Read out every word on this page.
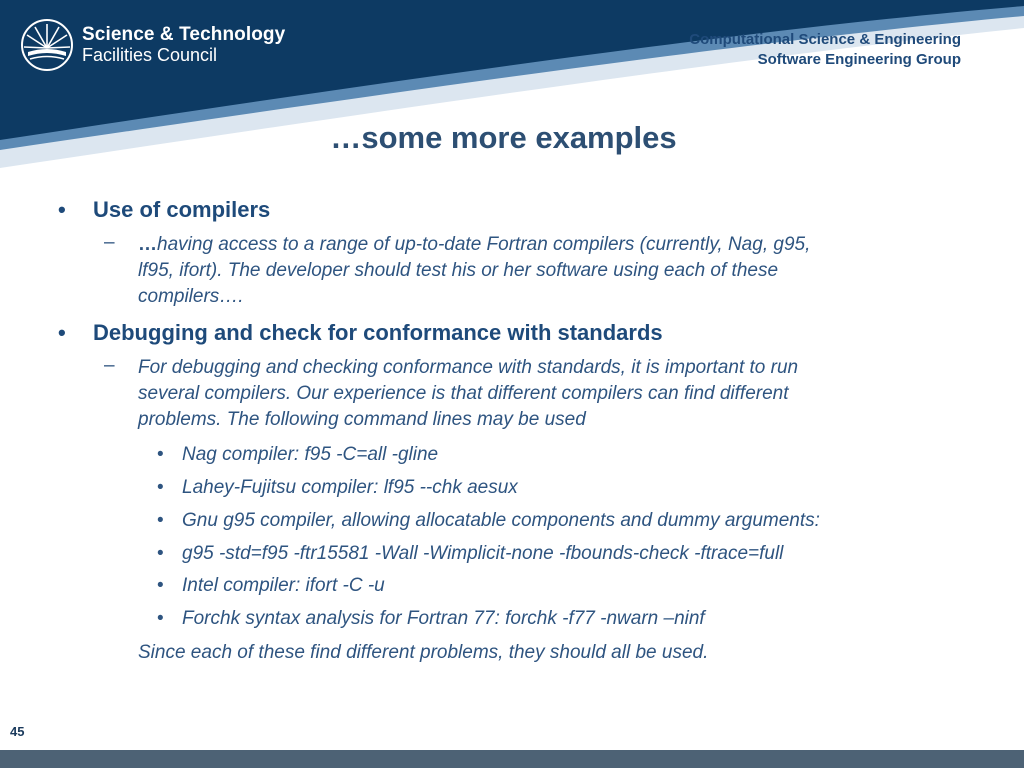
Science & Technology
Facilities Council
Computational Science & Engineering
Software Engineering Group
…some more examples
• Use of compilers
– …having access to a range of up-to-date Fortran compilers (currently, Nag, g95,
lf95, ifort). The developer should test his or her software using each of these
compilers….
• Debugging and check for conformance with standards
– For debugging and checking conformance with standards, it is important to run
several compilers. Our experience is that different compilers can find different
problems. The following command lines may be used
• Nag compiler: f95 -C=all -gline
• Lahey-Fujitsu compiler: lf95 --chk aesux
• Gnu g95 compiler, allowing allocatable components and dummy arguments:
• g95 -std=f95 -ftr15581 -Wall -Wimplicit-none -fbounds-check -ftrace=full
• Intel compiler: ifort -C -u
• Forchk syntax analysis for Fortran 77: forchk -f77 -nwarn –ninf
Since each of these find different problems, they should all be used.
45
